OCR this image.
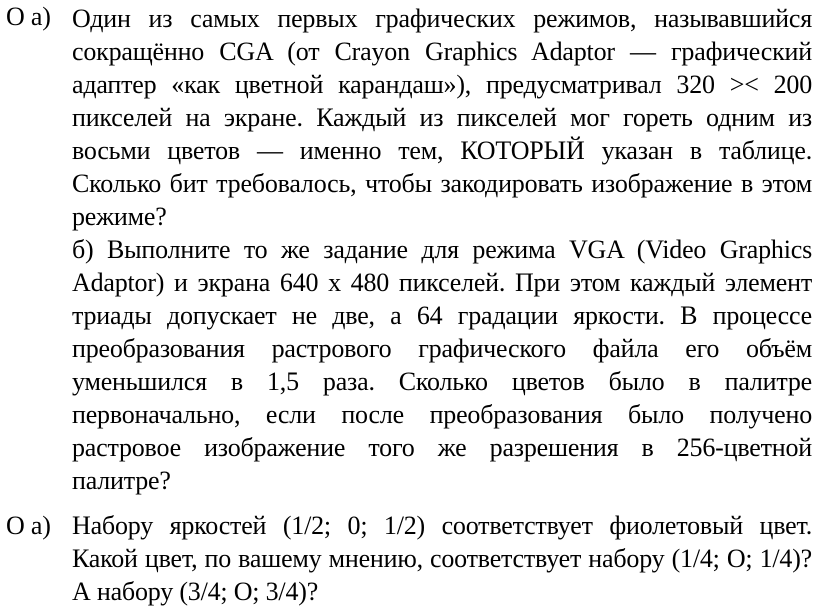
О а) Один из самых первых графических режимов, называвшийся сокращённо CGA (от Crayon Graphics Adaptor — графический адаптер «как цветной карандаш»), предусматривал 320 >< 200 пикселей на экране. Каждый из пикселей мог гореть одним из восьми цветов — именно тем, КОТОРЫЙ указан в таблице. Сколько бит требовалось, чтобы закодировать изображение в этом режиме?

б) Выполните то же задание для режима VGA (Video Graphics Adaptor) и экрана 640 х 480 пикселей. При этом каждый элемент триады допускает не две, а 64 градации яркости. В процессе преобразования растрового графического файла его объём уменьшился в 1,5 раза. Сколько цветов было в палитре первоначально, если после преобразования было получено растровое изображение того же разрешения в 256-цветной палитре?

О а) Набору яркостей (1/2; 0; 1/2) соответствует фиолетовый цвет. Какой цвет, по вашему мнению, соответствует набору (1/4; О; 1/4)? А набору (3/4; О; 3/4)?
